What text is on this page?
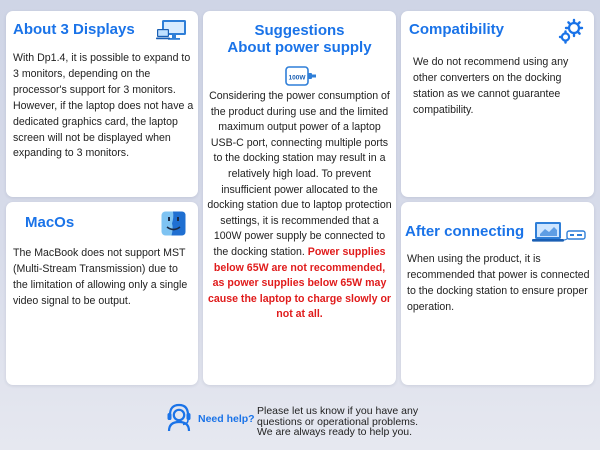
About 3 Displays
With Dp1.4, it is possible to expand to 3 monitors, depending on the processor's support for 3 monitors. However, if the laptop does not have a dedicated graphics card, the laptop screen will not be displayed when expanding to 3 monitors.
Suggestions
About power supply
100W
Considering the power consumption of the product during use and the limited maximum output power of a laptop USB-C port, connecting multiple ports to the docking station may result in a relatively high load. To prevent insufficient power allocated to the docking station due to laptop protection settings, it is recommended that a 100W power supply be connected to the docking station. Power supplies below 65W are not recommended, as power supplies below 65W may cause the laptop to charge slowly or not at all.
Compatibility
We do not recommend using any other converters on the docking station as we cannot guarantee compatibility.
MacOs
The MacBook does not support MST (Multi-Stream Transmission) due to the limitation of allowing only a single video signal to be output.
After connecting
When using the product, it is recommended that power is connected to the docking station to ensure proper operation.
Need help?
Please let us know if you have any
questions or operational problems.
We are always ready to help you.
